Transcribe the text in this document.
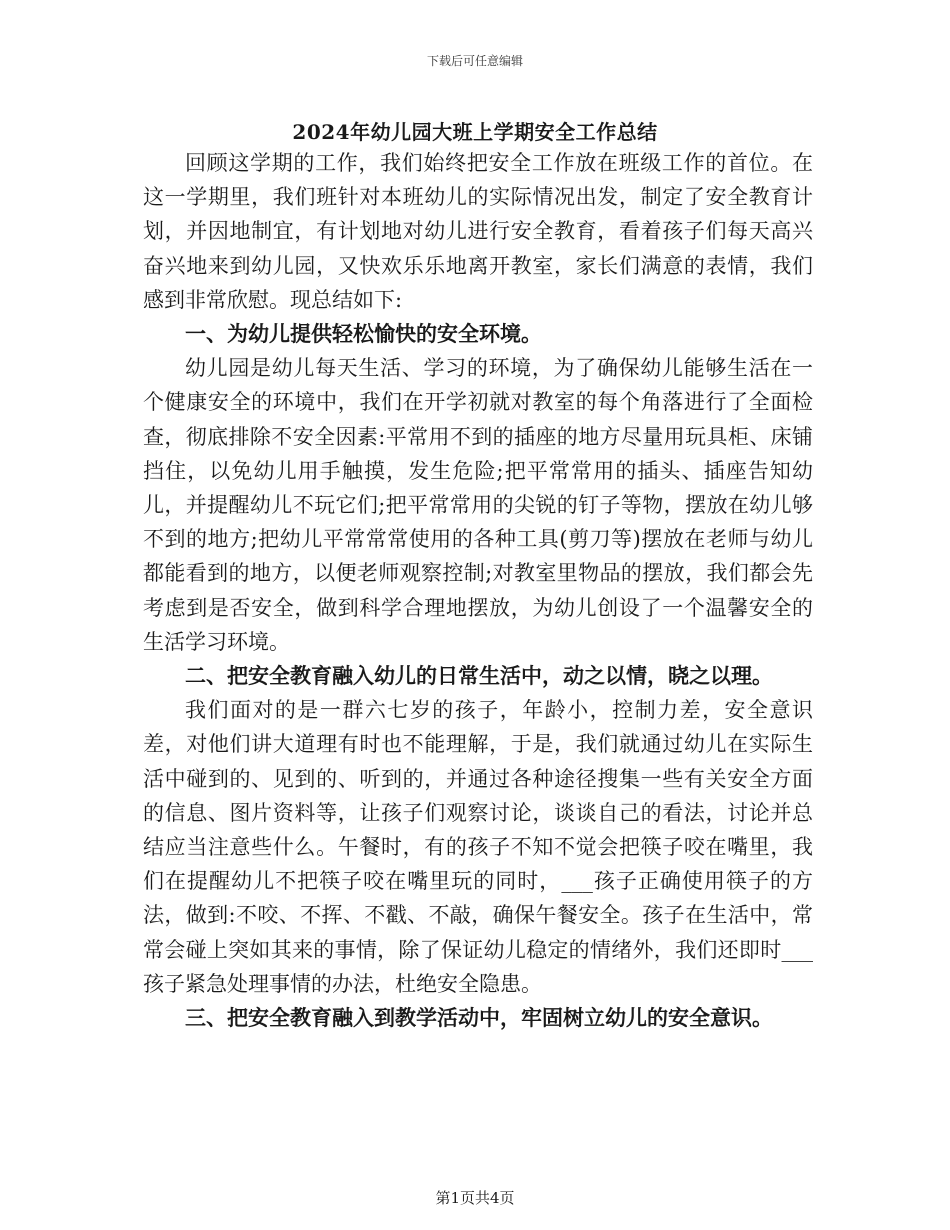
下载后可任意编辑
2024年幼儿园大班上学期安全工作总结

回顾这学期的工作，我们始终把安全工作放在班级工作的首位。在这一学期里，我们班针对本班幼儿的实际情况出发，制定了安全教育计划，并因地制宜，有计划地对幼儿进行安全教育，看着孩子们每天高兴奋兴地来到幼儿园，又快欢乐乐地离开教室，家长们满意的表情，我们感到非常欣慰。现总结如下:

一、为幼儿提供轻松愉快的安全环境。

幼儿园是幼儿每天生活、学习的环境，为了确保幼儿能够生活在一个健康安全的环境中，我们在开学初就对教室的每个角落进行了全面检查，彻底排除不安全因素:平常用不到的插座的地方尽量用玩具柜、床铺挡住，以免幼儿用手触摸，发生危险;把平常常用的插头、插座告知幼儿，并提醒幼儿不玩它们;把平常常用的尖锐的钉子等物，摆放在幼儿够不到的地方;把幼儿平常常常使用的各种工具(剪刀等)摆放在老师与幼儿都能看到的地方，以便老师观察控制;对教室里物品的摆放，我们都会先考虑到是否安全，做到科学合理地摆放，为幼儿创设了一个温馨安全的生活学习环境。

二、把安全教育融入幼儿的日常生活中，动之以情，晓之以理。

我们面对的是一群六七岁的孩子，年龄小，控制力差，安全意识差，对他们讲大道理有时也不能理解，于是，我们就通过幼儿在实际生活中碰到的、见到的、听到的，并通过各种途径搜集一些有关安全方面的信息、图片资料等，让孩子们观察讨论，谈谈自己的看法，讨论并总结应当注意些什么。午餐时，有的孩子不知不觉会把筷子咬在嘴里，我们在提醒幼儿不把筷子咬在嘴里玩的同时，___孩子正确使用筷子的方法，做到:不咬、不挥、不戳、不敲，确保午餐安全。孩子在生活中，常常会碰上突如其来的事情，除了保证幼儿稳定的情绪外，我们还即时___孩子紧急处理事情的办法，杜绝安全隐患。

三、把安全教育融入到教学活动中，牢固树立幼儿的安全意识。

第1页共4页
